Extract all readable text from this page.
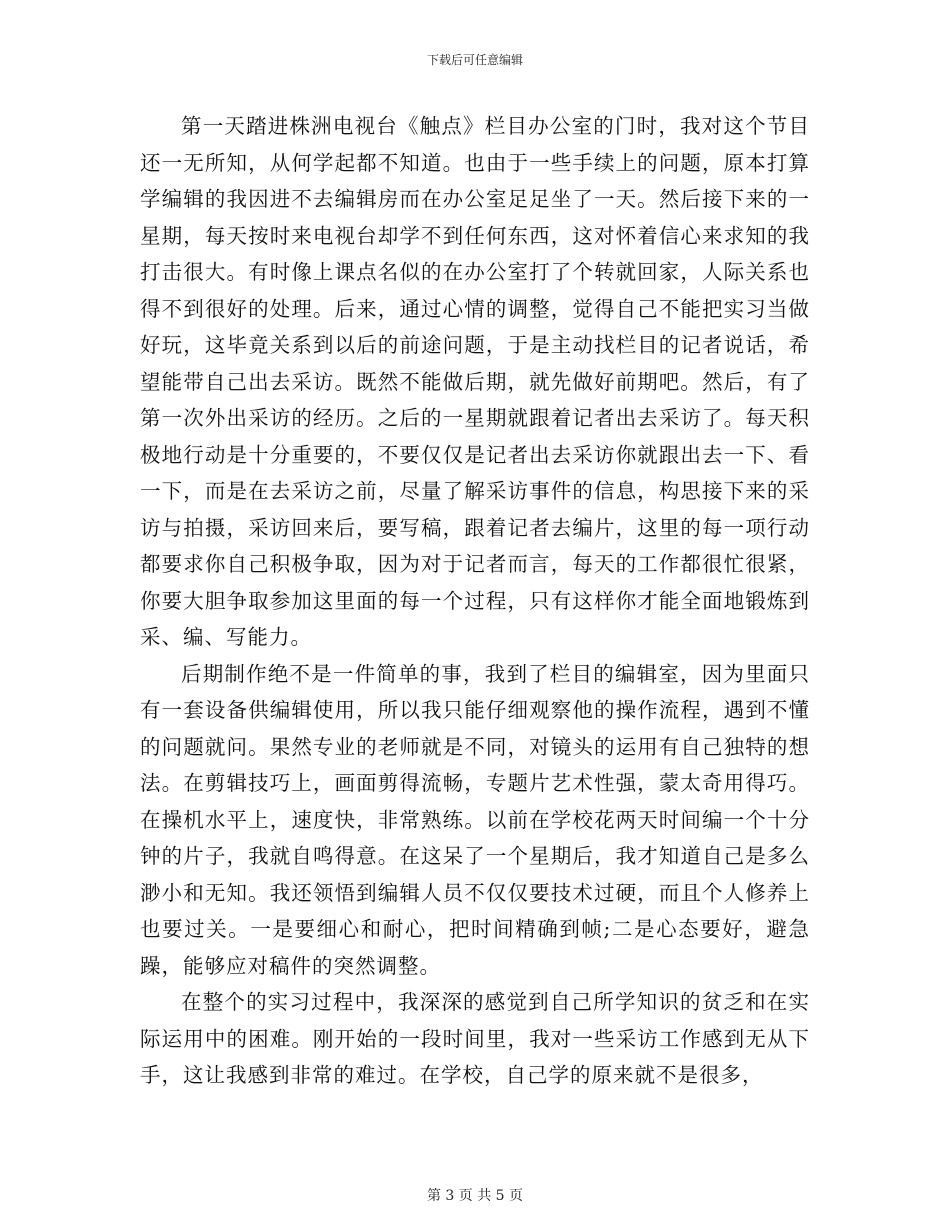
下载后可任意编辑

第一天踏进株洲电视台《触点》栏目办公室的门时，我对这个节目还一无所知，从何学起都不知道。也由于一些手续上的问题，原本打算学编辑的我因进不去编辑房而在办公室足足坐了一天。然后接下来的一星期，每天按时来电视台却学不到任何东西，这对怀着信心来求知的我打击很大。有时像上课点名似的在办公室打了个转就回家，人际关系也得不到很好的处理。后来，通过心情的调整，觉得自己不能把实习当做好玩，这毕竟关系到以后的前途问题，于是主动找栏目的记者说话，希望能带自己出去采访。既然不能做后期，就先做好前期吧。然后，有了第一次外出采访的经历。之后的一星期就跟着记者出去采访了。每天积极地行动是十分重要的，不要仅仅是记者出去采访你就跟出去一下、看一下，而是在去采访之前，尽量了解采访事件的信息，构思接下来的采访与拍摄，采访回来后，要写稿，跟着记者去编片，这里的每一项行动都要求你自己积极争取，因为对于记者而言，每天的工作都很忙很紧，你要大胆争取参加这里面的每一个过程，只有这样你才能全面地锻炼到采、编、写能力。

后期制作绝不是一件简单的事，我到了栏目的编辑室，因为里面只有一套设备供编辑使用，所以我只能仔细观察他的操作流程，遇到不懂的问题就问。果然专业的老师就是不同，对镜头的运用有自己独特的想法。在剪辑技巧上，画面剪得流畅，专题片艺术性强，蒙太奇用得巧。在操机水平上，速度快，非常熟练。以前在学校花两天时间编一个十分钟的片子，我就自鸣得意。在这呆了一个星期后，我才知道自己是多么渺小和无知。我还领悟到编辑人员不仅仅要技术过硬，而且个人修养上也要过关。一是要细心和耐心，把时间精确到帧;二是心态要好，避急躁，能够应对稿件的突然调整。

在整个的实习过程中，我深深的感觉到自己所学知识的贫乏和在实际运用中的困难。刚开始的一段时间里，我对一些采访工作感到无从下手，这让我感到非常的难过。在学校，自己学的原来就不是很多，

第 3 页 共 5 页
